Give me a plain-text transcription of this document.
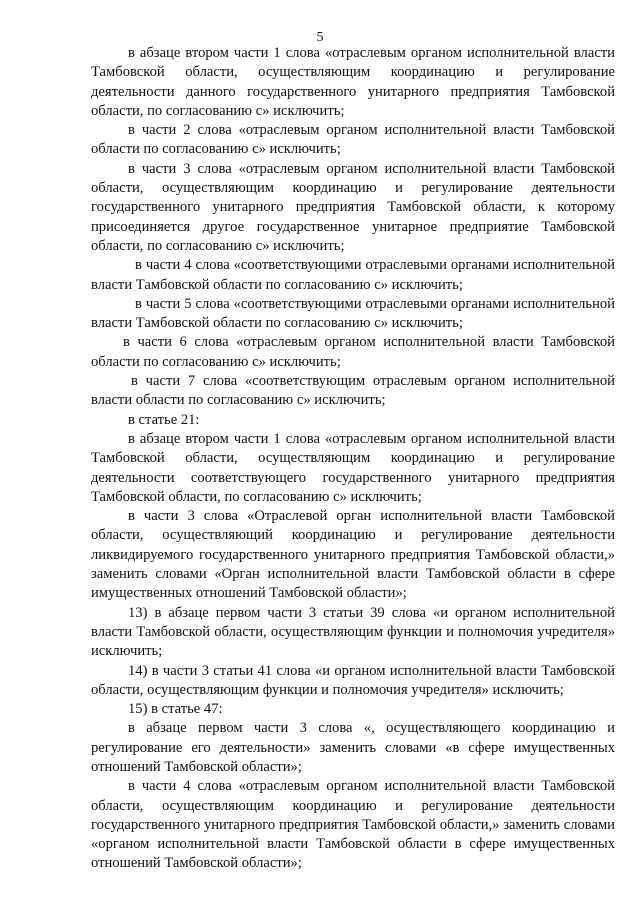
5

в абзаце втором части 1 слова «отраслевым органом исполнительной власти Тамбовской области, осуществляющим координацию и регулирование деятельности данного государственного унитарного предприятия Тамбовской области, по согласованию с» исключить;

в части 2 слова «отраслевым органом исполнительной власти Тамбовской области по согласованию с» исключить;

в части 3 слова «отраслевым органом исполнительной власти Тамбовской области, осуществляющим координацию и регулирование деятельности государственного унитарного предприятия Тамбовской области, к которому присоединяется другое государственное унитарное предприятие Тамбовской области, по согласованию с» исключить;

в части 4 слова «соответствующими отраслевыми органами исполнительной власти Тамбовской области по согласованию с» исключить;

в части 5 слова «соответствующими отраслевыми органами исполнительной власти Тамбовской области по согласованию с» исключить;

в части 6 слова «отраслевым органом исполнительной власти Тамбовской области по согласованию с» исключить;

в части 7 слова «соответствующим отраслевым органом исполнительной власти области по согласованию с» исключить;

в статье 21:

в абзаце втором части 1 слова «отраслевым органом исполнительной власти Тамбовской области, осуществляющим координацию и регулирование деятельности соответствующего государственного унитарного предприятия Тамбовской области, по согласованию с» исключить;

в части 3 слова «Отраслевой орган исполнительной власти Тамбовской области, осуществляющий координацию и регулирование деятельности ликвидируемого государственного унитарного предприятия Тамбовской области,» заменить словами «Орган исполнительной власти Тамбовской области в сфере имущественных отношений Тамбовской области»;

13) в абзаце первом части 3 статьи 39 слова «и органом исполнительной власти Тамбовской области, осуществляющим функции и полномочия учредителя» исключить;

14) в части 3 статьи 41 слова «и органом исполнительной власти Тамбовской области, осуществляющим функции и полномочия учредителя» исключить;

15) в статье 47:

в абзаце первом части 3 слова «, осуществляющего координацию и регулирование его деятельности» заменить словами «в сфере имущественных отношений Тамбовской области»;

в части 4 слова «отраслевым органом исполнительной власти Тамбовской области, осуществляющим координацию и регулирование деятельности государственного унитарного предприятия Тамбовской области,» заменить словами «органом исполнительной власти Тамбовской области в сфере имущественных отношений Тамбовской области»;
